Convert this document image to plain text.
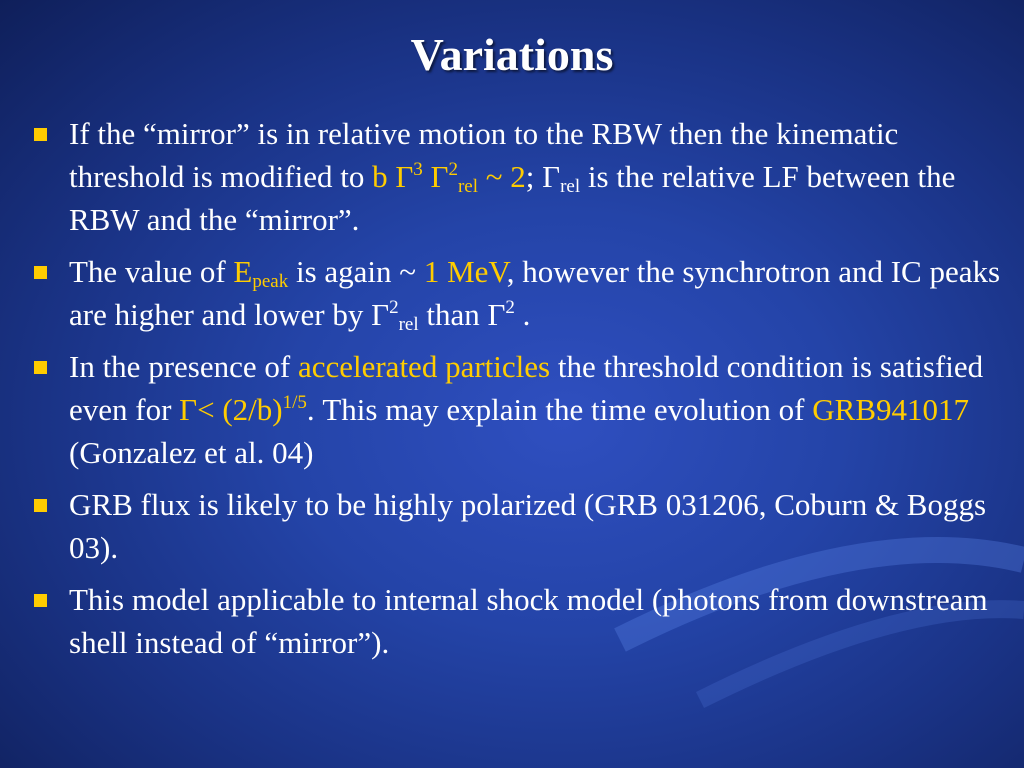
Variations
If the “mirror” is in relative motion to the RBW then the kinematic threshold is modified to b $\Gamma^3$ $\Gamma^2_{rel}$ ~ 2; $\Gamma_{rel}$ is the relative LF between the RBW and the “mirror”.
The value of $E_{peak}$ is again ~ 1 MeV, however the synchrotron and IC peaks are higher and lower by $\Gamma^2_{rel}$ than $\Gamma^2$ .
In the presence of accelerated particles the threshold condition is satisfied even for $\Gamma< (2/b)^{1/5}$. This may explain the time evolution of GRB941017 (Gonzalez et al. 04)
GRB flux is likely to be highly polarized (GRB 031206, Coburn & Boggs 03).
This model applicable to internal shock model (photons from downstream shell instead of “mirror”).
